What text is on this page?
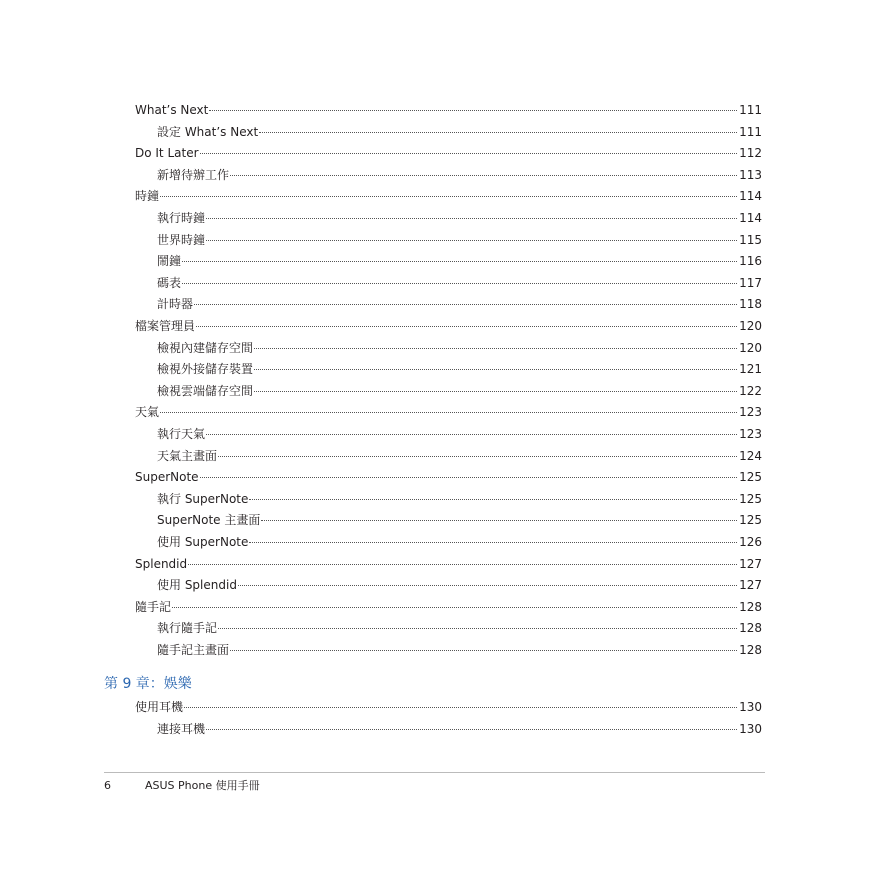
What’s Next	111
設定 What’s Next	111
Do It Later	112
新增待辦工作	113
時鐘	114
執行時鐘	114
世界時鐘	115
鬧鐘	116
碼表	117
計時器	118
檔案管理員	120
檢視內建儲存空間	120
檢視外接儲存裝置	121
檢視雲端儲存空間	122
天氣	123
執行天氣	123
天氣主畫面	124
SuperNote	125
執行 SuperNote	125
SuperNote 主畫面	125
使用 SuperNote	126
Splendid	127
使用 Splendid	127
隨手記	128
執行隨手記	128
隨手記主畫面	128
第 9 章：娛樂
使用耳機	130
連接耳機	130
6	ASUS Phone 使用手冊
